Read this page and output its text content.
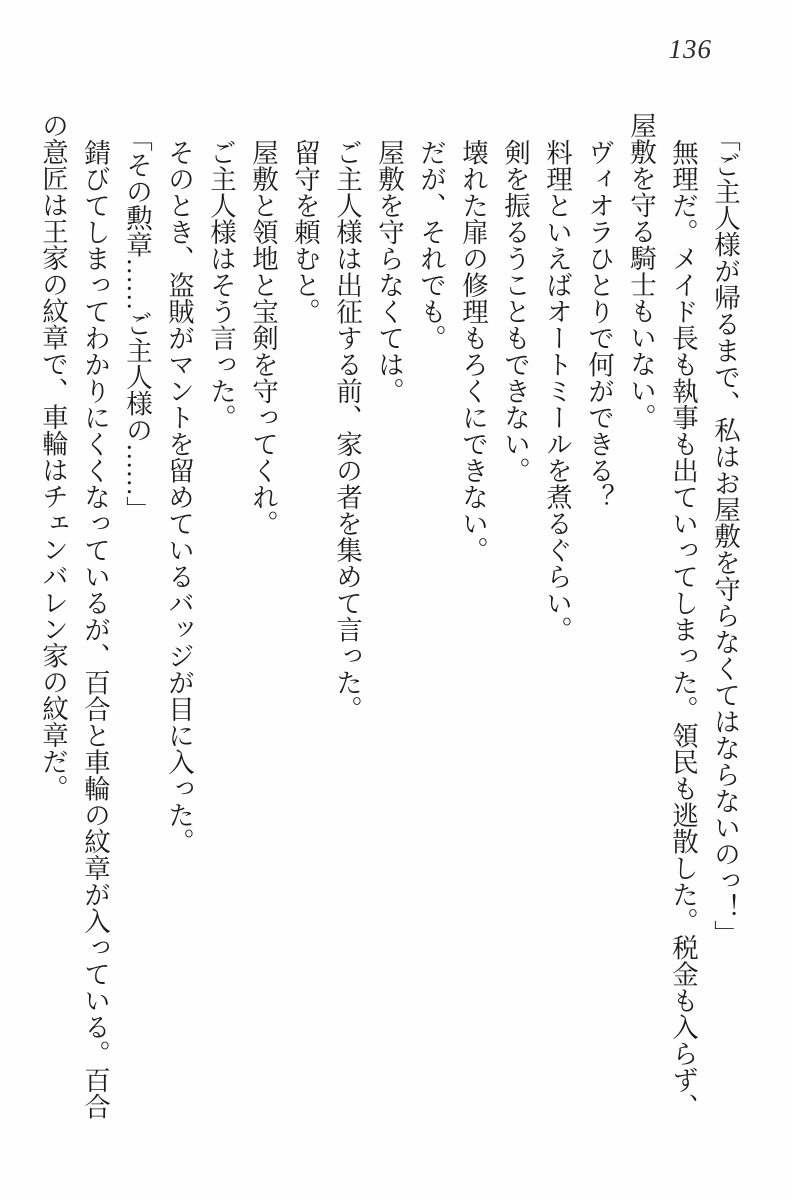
136

「ご主人様が帰るまで、私はお屋敷を守らなくてはならないのっ！」

無理だ。メイド長も執事も出ていってしまった。領民も逃散した。税金も入らず、屋敷を守る騎士もいない。

ヴィオラひとりで何ができる？

料理といえばオートミールを煮るぐらい。

剣を振るうこともできない。

壊れた扉の修理もろくにできない。

だが、それでも。

屋敷を守らなくては。

ご主人様は出征する前、家の者を集めて言った。

留守を頼むと。

屋敷と領地と宝剣を守ってくれ。

ご主人様はそう言った。

そのとき、盗賊がマントを留めているバッジが目に入った。

「その勲章……ご主人様の……」

錆びてしまってわかりにくくなっているが、百合と車輪の紋章が入っている。百合の意匠は王家の紋章で、車輪はチェンバレン家の紋章だ。
